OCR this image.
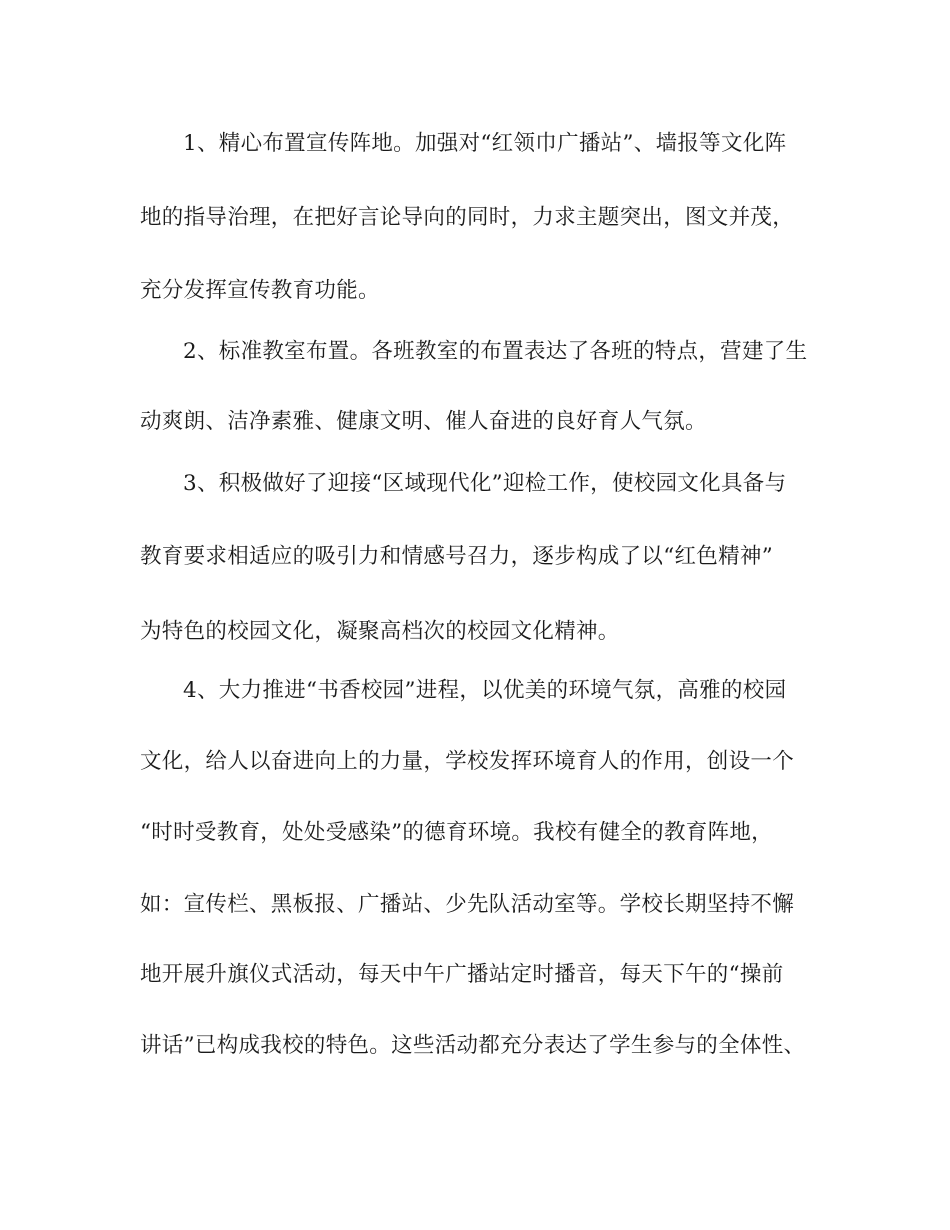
1、精心布置宣传阵地。加强对“红领巾广播站”、墙报等文化阵
地的指导治理，在把好言论导向的同时，力求主题突出，图文并茂，
充分发挥宣传教育功能。
2、标准教室布置。各班教室的布置表达了各班的特点，营建了生
动爽朗、洁净素雅、健康文明、催人奋进的良好育人气氛。
3、积极做好了迎接“区域现代化”迎检工作，使校园文化具备与
教育要求相适应的吸引力和情感号召力，逐步构成了以“红色精神”
为特色的校园文化，凝聚高档次的校园文化精神。
4、大力推进“书香校园”进程，以优美的环境气氛，高雅的校园
文化，给人以奋进向上的力量，学校发挥环境育人的作用，创设一个
“时时受教育，处处受感染”的德育环境。我校有健全的教育阵地，
如：宣传栏、黑板报、广播站、少先队活动室等。学校长期坚持不懈
地开展升旗仪式活动，每天中午广播站定时播音，每天下午的“操前
讲话”已构成我校的特色。这些活动都充分表达了学生参与的全体性、
